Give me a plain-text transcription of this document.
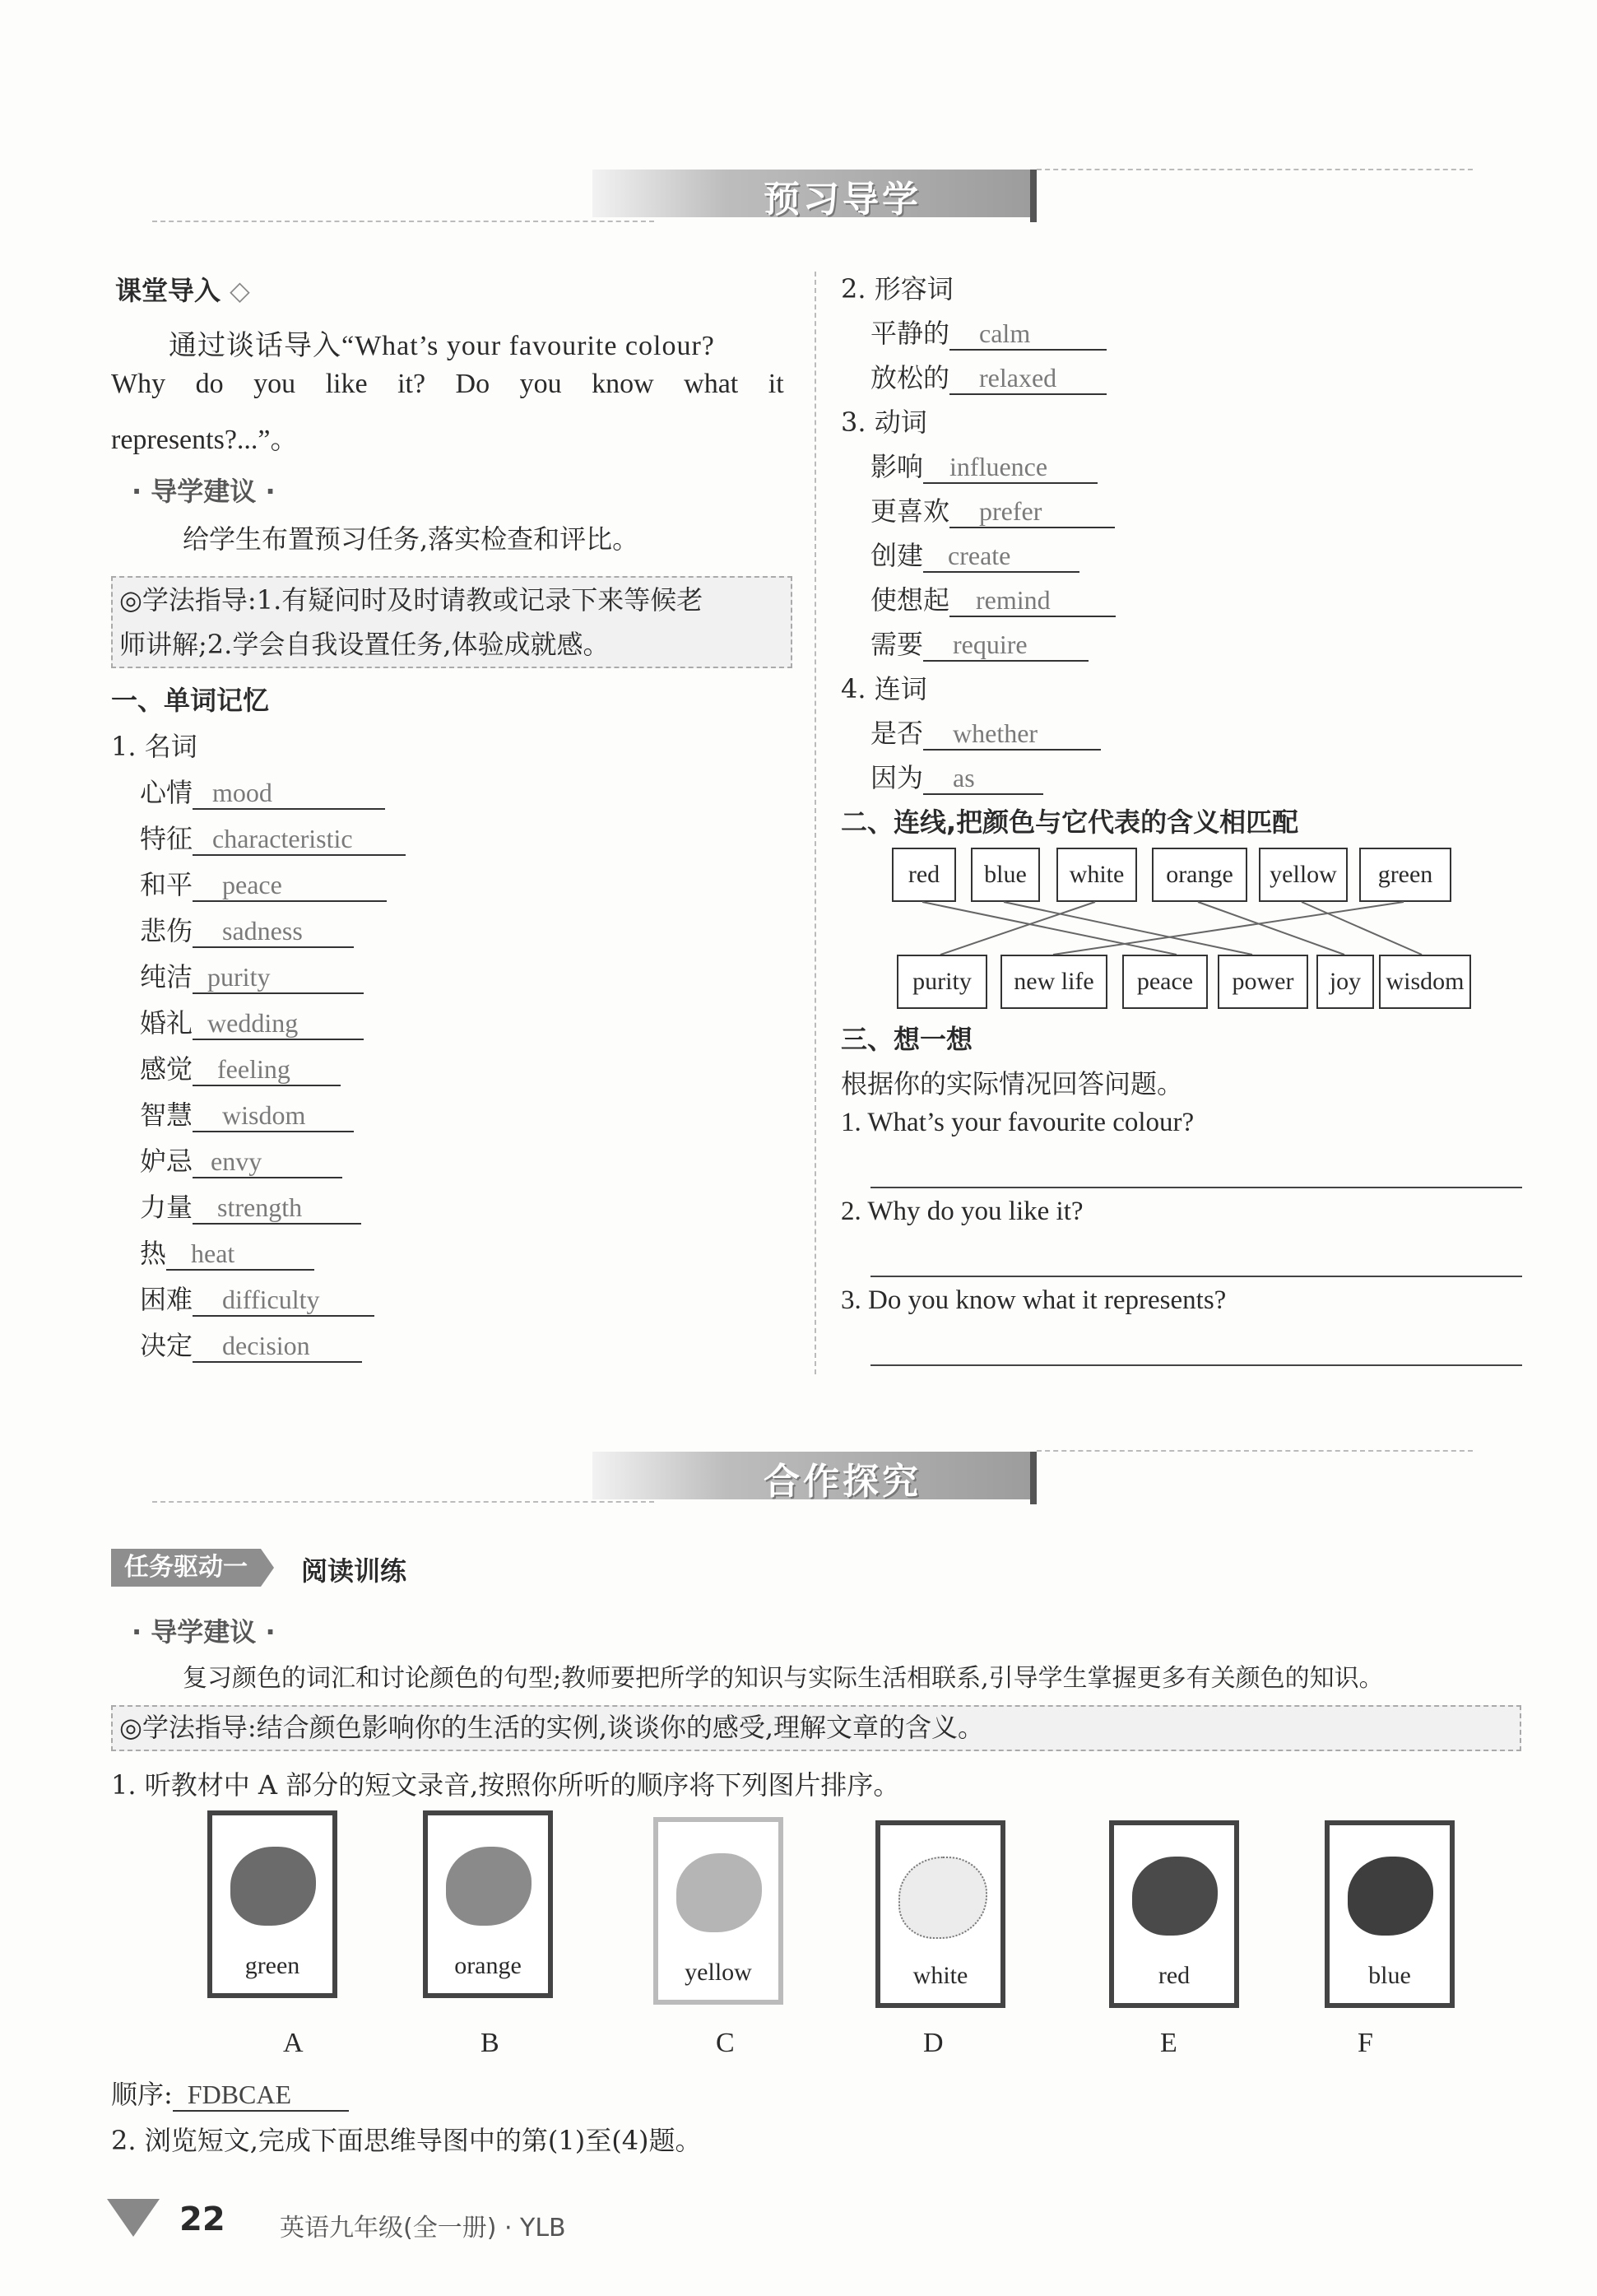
预习导学
课堂导入 ◇
通过谈话导入“What’s your favourite colour?
Why do you like it? Do you know what it
represents?...”。
· 导学建议 ·
给学生布置预习任务,落实检查和评比。
◎学法指导:1.有疑问时及时请教或记录下来等候老
师讲解;2.学会自我设置任务,体验成就感。
一、单词记忆
1. 名词
心情 mood
特征 characteristic
和平 peace
悲伤 sadness
纯洁 purity
婚礼 wedding
感觉 feeling
智慧 wisdom
妒忌 envy
力量 strength
热 heat
困难 difficulty
决定 decision
2. 形容词
平静的 calm
放松的 relaxed
3. 动词
影响 influence
更喜欢 prefer
创建 create
使想起 remind
需要 require
4. 连词
是否 whether
因为 as
二、连线,把颜色与它代表的含义相匹配
red	blue	white	orange	yellow	green
purity	new life	peace	power	joy	wisdom
三、想一想
根据你的实际情况回答问题。
1. What’s your favourite colour?
2. Why do you like it?
3. Do you know what it represents?
合作探究
任务驱动一	阅读训练
· 导学建议 ·
复习颜色的词汇和讨论颜色的句型;教师要把所学的知识与实际生活相联系,引导学生掌握更多有关颜色的知识。
◎学法指导:结合颜色影响你的生活的实例,谈谈你的感受,理解文章的含义。
1. 听教材中 A 部分的短文录音,按照你所听的顺序将下列图片排序。
green	orange	yellow	white	red	blue
A	B	C	D	E	F
顺序: FDBCAE
2. 浏览短文,完成下面思维导图中的第(1)至(4)题。
22 英语九年级(全一册) · YLB
